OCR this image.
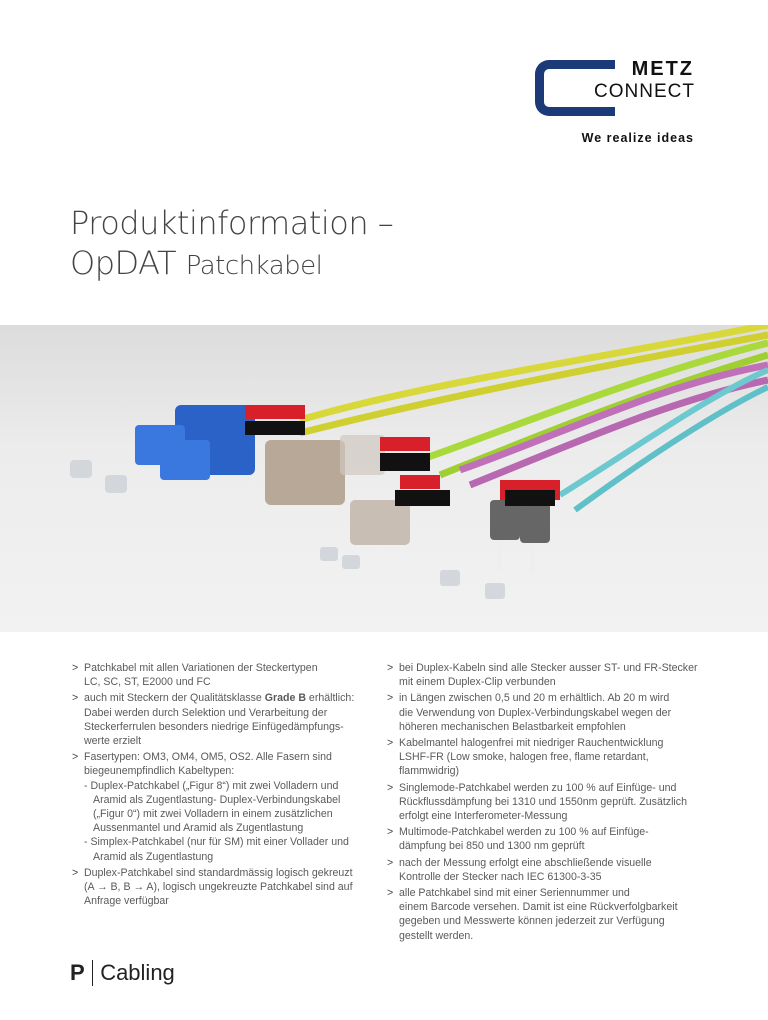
METZ
CONNECT
We realize ideas
Produktinformation –
OpDAT Patchkabel
> Patchkabel mit allen Variationen der Steckertypen
LC, SC, ST, E2000 und FC
> auch mit Steckern der Qualitätsklasse Grade B erhältlich:
Dabei werden durch Selektion und Verarbeitung der
Steckerferrulen besonders niedrige Einfügedämpfungs-
werte erzielt
> Fasertypen: OM3, OM4, OM5, OS2. Alle Fasern sind
biegeunempfindlich Kabeltypen:
- Duplex-Patchkabel („Figur 8“) mit zwei Volladern und
Aramid als Zugentlastung- Duplex-Verbindungskabel
(„Figur 0“) mit zwei Volladern in einem zusätzlichen
Aussenmantel und Aramid als Zugentlastung
- Simplex-Patchkabel (nur für SM) mit einer Vollader und
Aramid als Zugentlastung
> Duplex-Patchkabel sind standardmässig logisch gekreuzt
(A → B, B → A), logisch ungekreuzte Patchkabel sind auf
Anfrage verfügbar
> bei Duplex-Kabeln sind alle Stecker ausser ST- und FR-Stecker
mit einem Duplex-Clip verbunden
> in Längen zwischen 0,5 und 20 m erhältlich. Ab 20 m wird
die Verwendung von Duplex-Verbindungskabel wegen der
höheren mechanischen Belastbarkeit empfohlen
> Kabelmantel halogenfrei mit niedriger Rauchentwicklung
LSHF-FR (Low smoke, halogen free, flame retardant,
flammwidrig)
> Singlemode-Patchkabel werden zu 100 % auf Einfüge- und
Rückflussdämpfung bei 1310 und 1550nm geprüft. Zusätzlich
erfolgt eine Interferometer-Messung
> Multimode-Patchkabel werden zu 100 % auf Einfüge-
dämpfung bei 850 und 1300 nm geprüft
> nach der Messung erfolgt eine abschließende visuelle
Kontrolle der Stecker nach IEC 61300-3-35
> alle Patchkabel sind mit einer Seriennummer und
einem Barcode versehen. Damit ist eine Rückverfolgbarkeit
gegeben und Messwerte können jederzeit zur Verfügung
gestellt werden.
P Cabling
